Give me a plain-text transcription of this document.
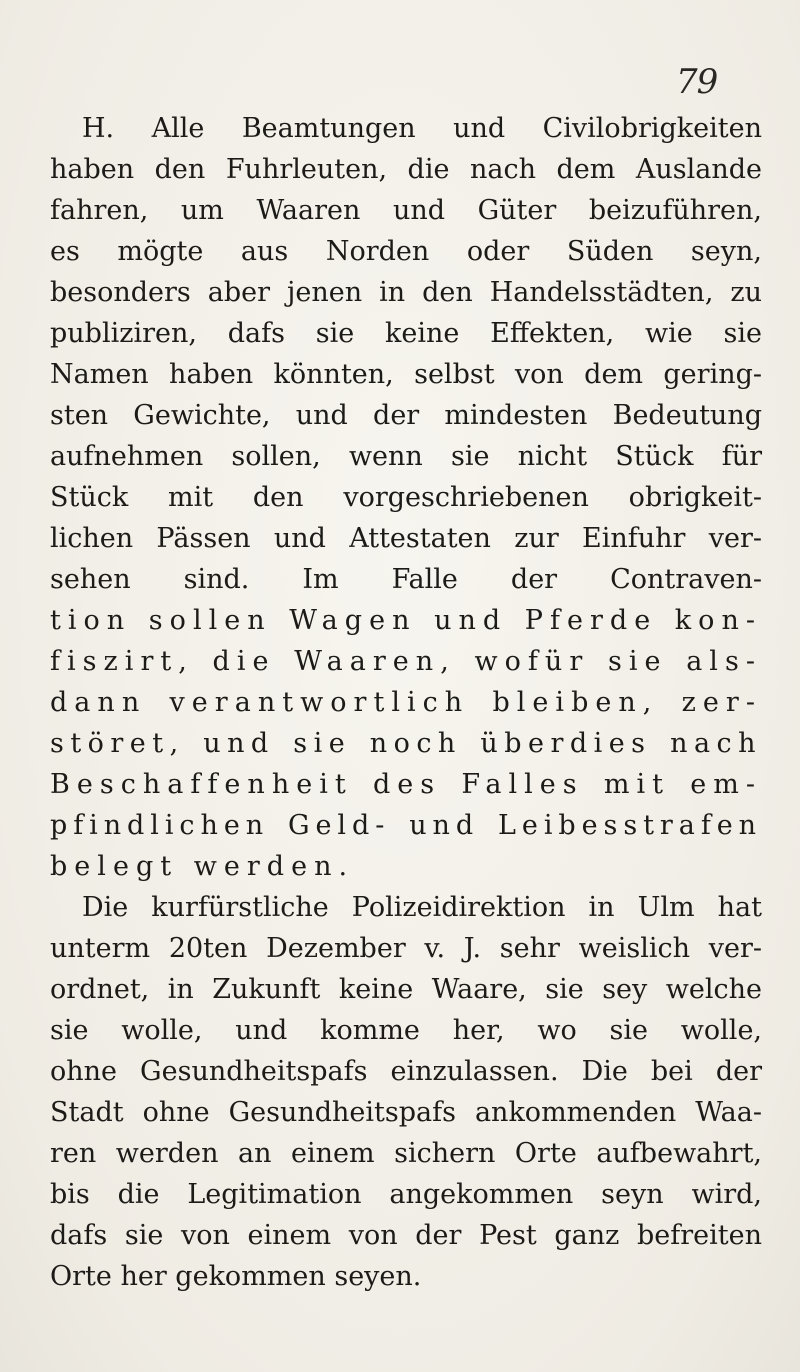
79
H. Alle Beamtungen und Civilobrigkeiten
haben den Fuhrleuten, die nach dem Auslande
fahren, um Waaren und Güter beizuführen,
es mögte aus Norden oder Süden seyn,
besonders aber jenen in den Handelsstädten, zu
publiziren, dafs sie keine Effekten, wie sie
Namen haben könnten, selbst von dem gering-
sten Gewichte, und der mindesten Bedeutung
aufnehmen sollen, wenn sie nicht Stück für
Stück mit den vorgeschriebenen obrigkeit-
lichen Pässen und Attestaten zur Einfuhr ver-
sehen sind. Im Falle der Contraven-
tion sollen Wagen und Pferde kon-
fiszirt, die Waaren, wofür sie als-
dann verantwortlich bleiben, zer-
störet, und sie noch überdies nach
Beschaffenheit des Falles mit em-
pfindlichen Geld- und Leibesstrafen
belegt werden.
Die kurfürstliche Polizeidirektion in Ulm hat
unterm 20ten Dezember v. J. sehr weislich ver-
ordnet, in Zukunft keine Waare, sie sey welche
sie wolle, und komme her, wo sie wolle,
ohne Gesundheitspafs einzulassen. Die bei der
Stadt ohne Gesundheitspafs ankommenden Waa-
ren werden an einem sichern Orte aufbewahrt,
bis die Legitimation angekommen seyn wird,
dafs sie von einem von der Pest ganz befreiten
Orte her gekommen seyen.
